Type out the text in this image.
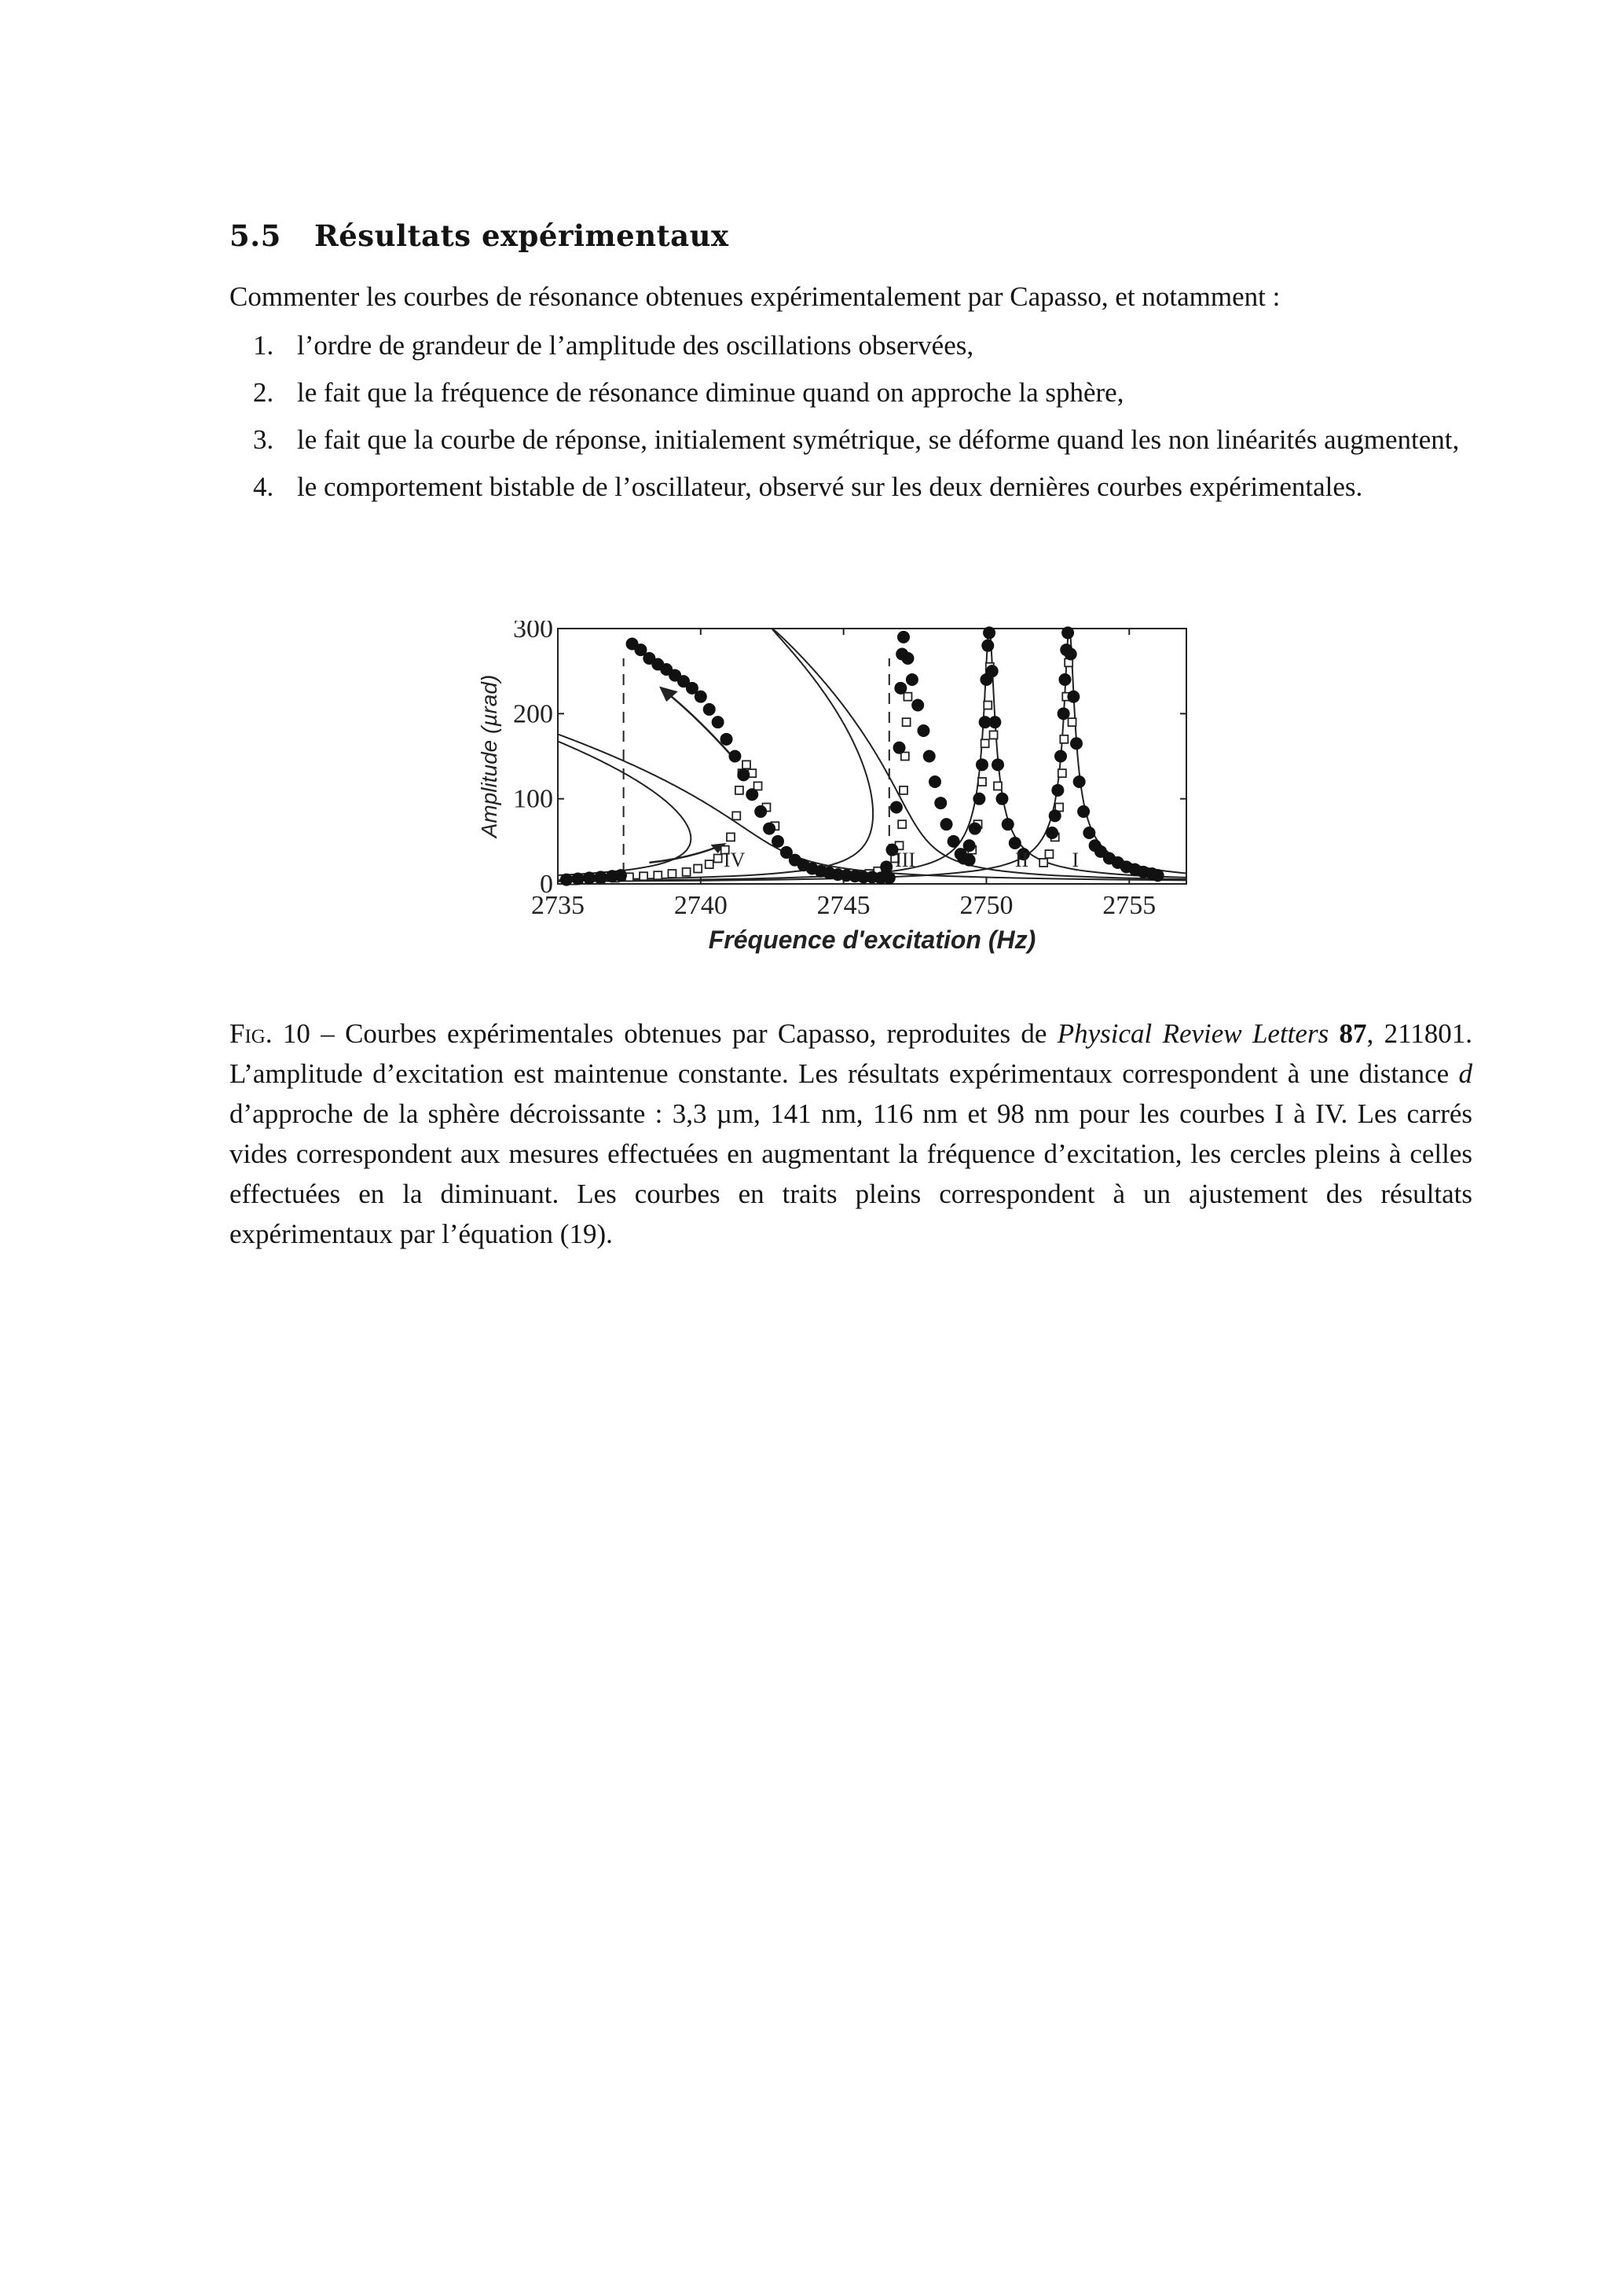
5.5 Résultats expérimentaux
Commenter les courbes de résonance obtenues expérimentalement par Capasso, et notamment :
1. l’ordre de grandeur de l’amplitude des oscillations observées,
2. le fait que la fréquence de résonance diminue quand on approche la sphère,
3. le fait que la courbe de réponse, initialement symétrique, se déforme quand les non linéarités augmentent,
4. le comportement bistable de l’oscillateur, observé sur les deux dernières courbes expérimentales.
2735	2740	2745	2750	2755
0
100
200
300
Fréquence d'excitation (Hz)
Amplitude (µrad)
IV	III	II I
Fig. 10 – Courbes expérimentales obtenues par Capasso, reproduites de Physical Review Letters 87, 211801. L’amplitude d’excitation est maintenue constante. Les résultats expérimentaux correspondent à une distance d d’approche de la sphère décroissante : 3,3 µm, 141 nm, 116 nm et 98 nm pour les courbes I à IV. Les carrés vides correspondent aux mesures effectuées en augmentant la fréquence d’excitation, les cercles pleins à celles effectuées en la diminuant. Les courbes en traits pleins correspondent à un ajustement des résultats expérimentaux par l’équation (19).
